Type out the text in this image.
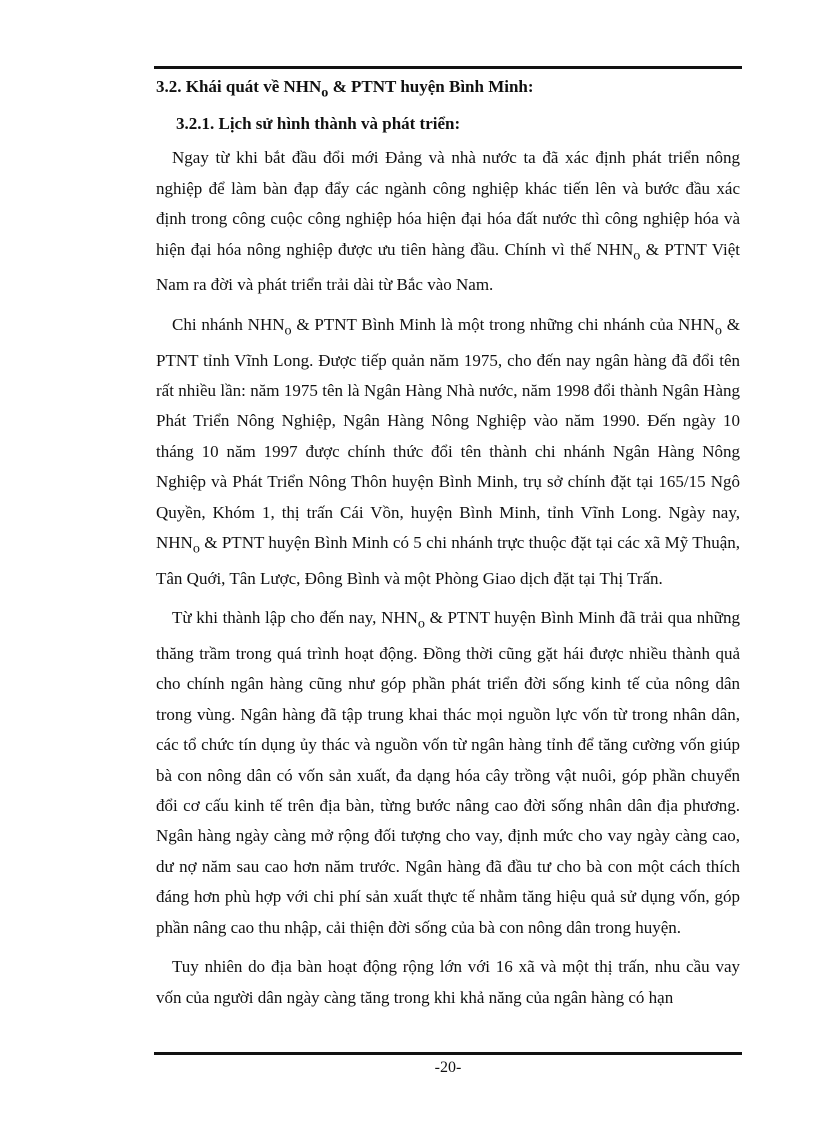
3.2. Khái quát về $NHN_o$ & PTNT huyện Bình Minh:
3.2.1. Lịch sử hình thành và phát triển:

Ngay từ khi bắt đầu đổi mới Đảng và nhà nước ta đã xác định phát triển nông nghiệp để làm bàn đạp đẩy các ngành công nghiệp khác tiến lên và bước đầu xác định trong công cuộc công nghiệp hóa hiện đại hóa đất nước thì công nghiệp hóa và hiện đại hóa nông nghiệp được ưu tiên hàng đầu. Chính vì thế $NHN_o$ & PTNT Việt Nam ra đời và phát triển trải dài từ Bắc vào Nam.

Chi nhánh $NHN_o$ & PTNT Bình Minh là một trong những chi nhánh của $NHN_o$ & PTNT tỉnh Vĩnh Long. Được tiếp quản năm 1975, cho đến nay ngân hàng đã đổi tên rất nhiều lần: năm 1975 tên là Ngân Hàng Nhà nước, năm 1998 đổi thành Ngân Hàng Phát Triển Nông Nghiệp, Ngân Hàng Nông Nghiệp vào năm 1990. Đến ngày 10 tháng 10 năm 1997 được chính thức đổi tên thành chi nhánh Ngân Hàng Nông Nghiệp và Phát Triển Nông Thôn huyện Bình Minh, trụ sở chính đặt tại 165/15 Ngô Quyền, Khóm 1, thị trấn Cái Vồn, huyện Bình Minh, tỉnh Vĩnh Long. Ngày nay, $NHN_o$ & PTNT huyện Bình Minh có 5 chi nhánh trực thuộc đặt tại các xã Mỹ Thuận, Tân Quới, Tân Lược, Đông Bình và một Phòng Giao dịch đặt tại Thị Trấn.

Từ khi thành lập cho đến nay, $NHN_o$ & PTNT huyện Bình Minh đã trải qua những thăng trầm trong quá trình hoạt động. Đồng thời cũng gặt hái được nhiều thành quả cho chính ngân hàng cũng như góp phần phát triển đời sống kinh tế của nông dân trong vùng. Ngân hàng đã tập trung khai thác mọi nguồn lực vốn từ trong nhân dân, các tổ chức tín dụng ủy thác và nguồn vốn từ ngân hàng tỉnh để tăng cường vốn giúp bà con nông dân có vốn sản xuất, đa dạng hóa cây trồng vật nuôi, góp phần chuyển đổi cơ cấu kinh tế trên địa bàn, từng bước nâng cao đời sống nhân dân địa phương. Ngân hàng ngày càng mở rộng đối tượng cho vay, định mức cho vay ngày càng cao, dư nợ năm sau cao hơn năm trước. Ngân hàng đã đầu tư cho bà con một cách thích đáng hơn phù hợp với chi phí sản xuất thực tế nhằm tăng hiệu quả sử dụng vốn, góp phần nâng cao thu nhập, cải thiện đời sống của bà con nông dân trong huyện.

Tuy nhiên do địa bàn hoạt động rộng lớn với 16 xã và một thị trấn, nhu cầu vay vốn của người dân ngày càng tăng trong khi khả năng của ngân hàng có hạn

-20-
